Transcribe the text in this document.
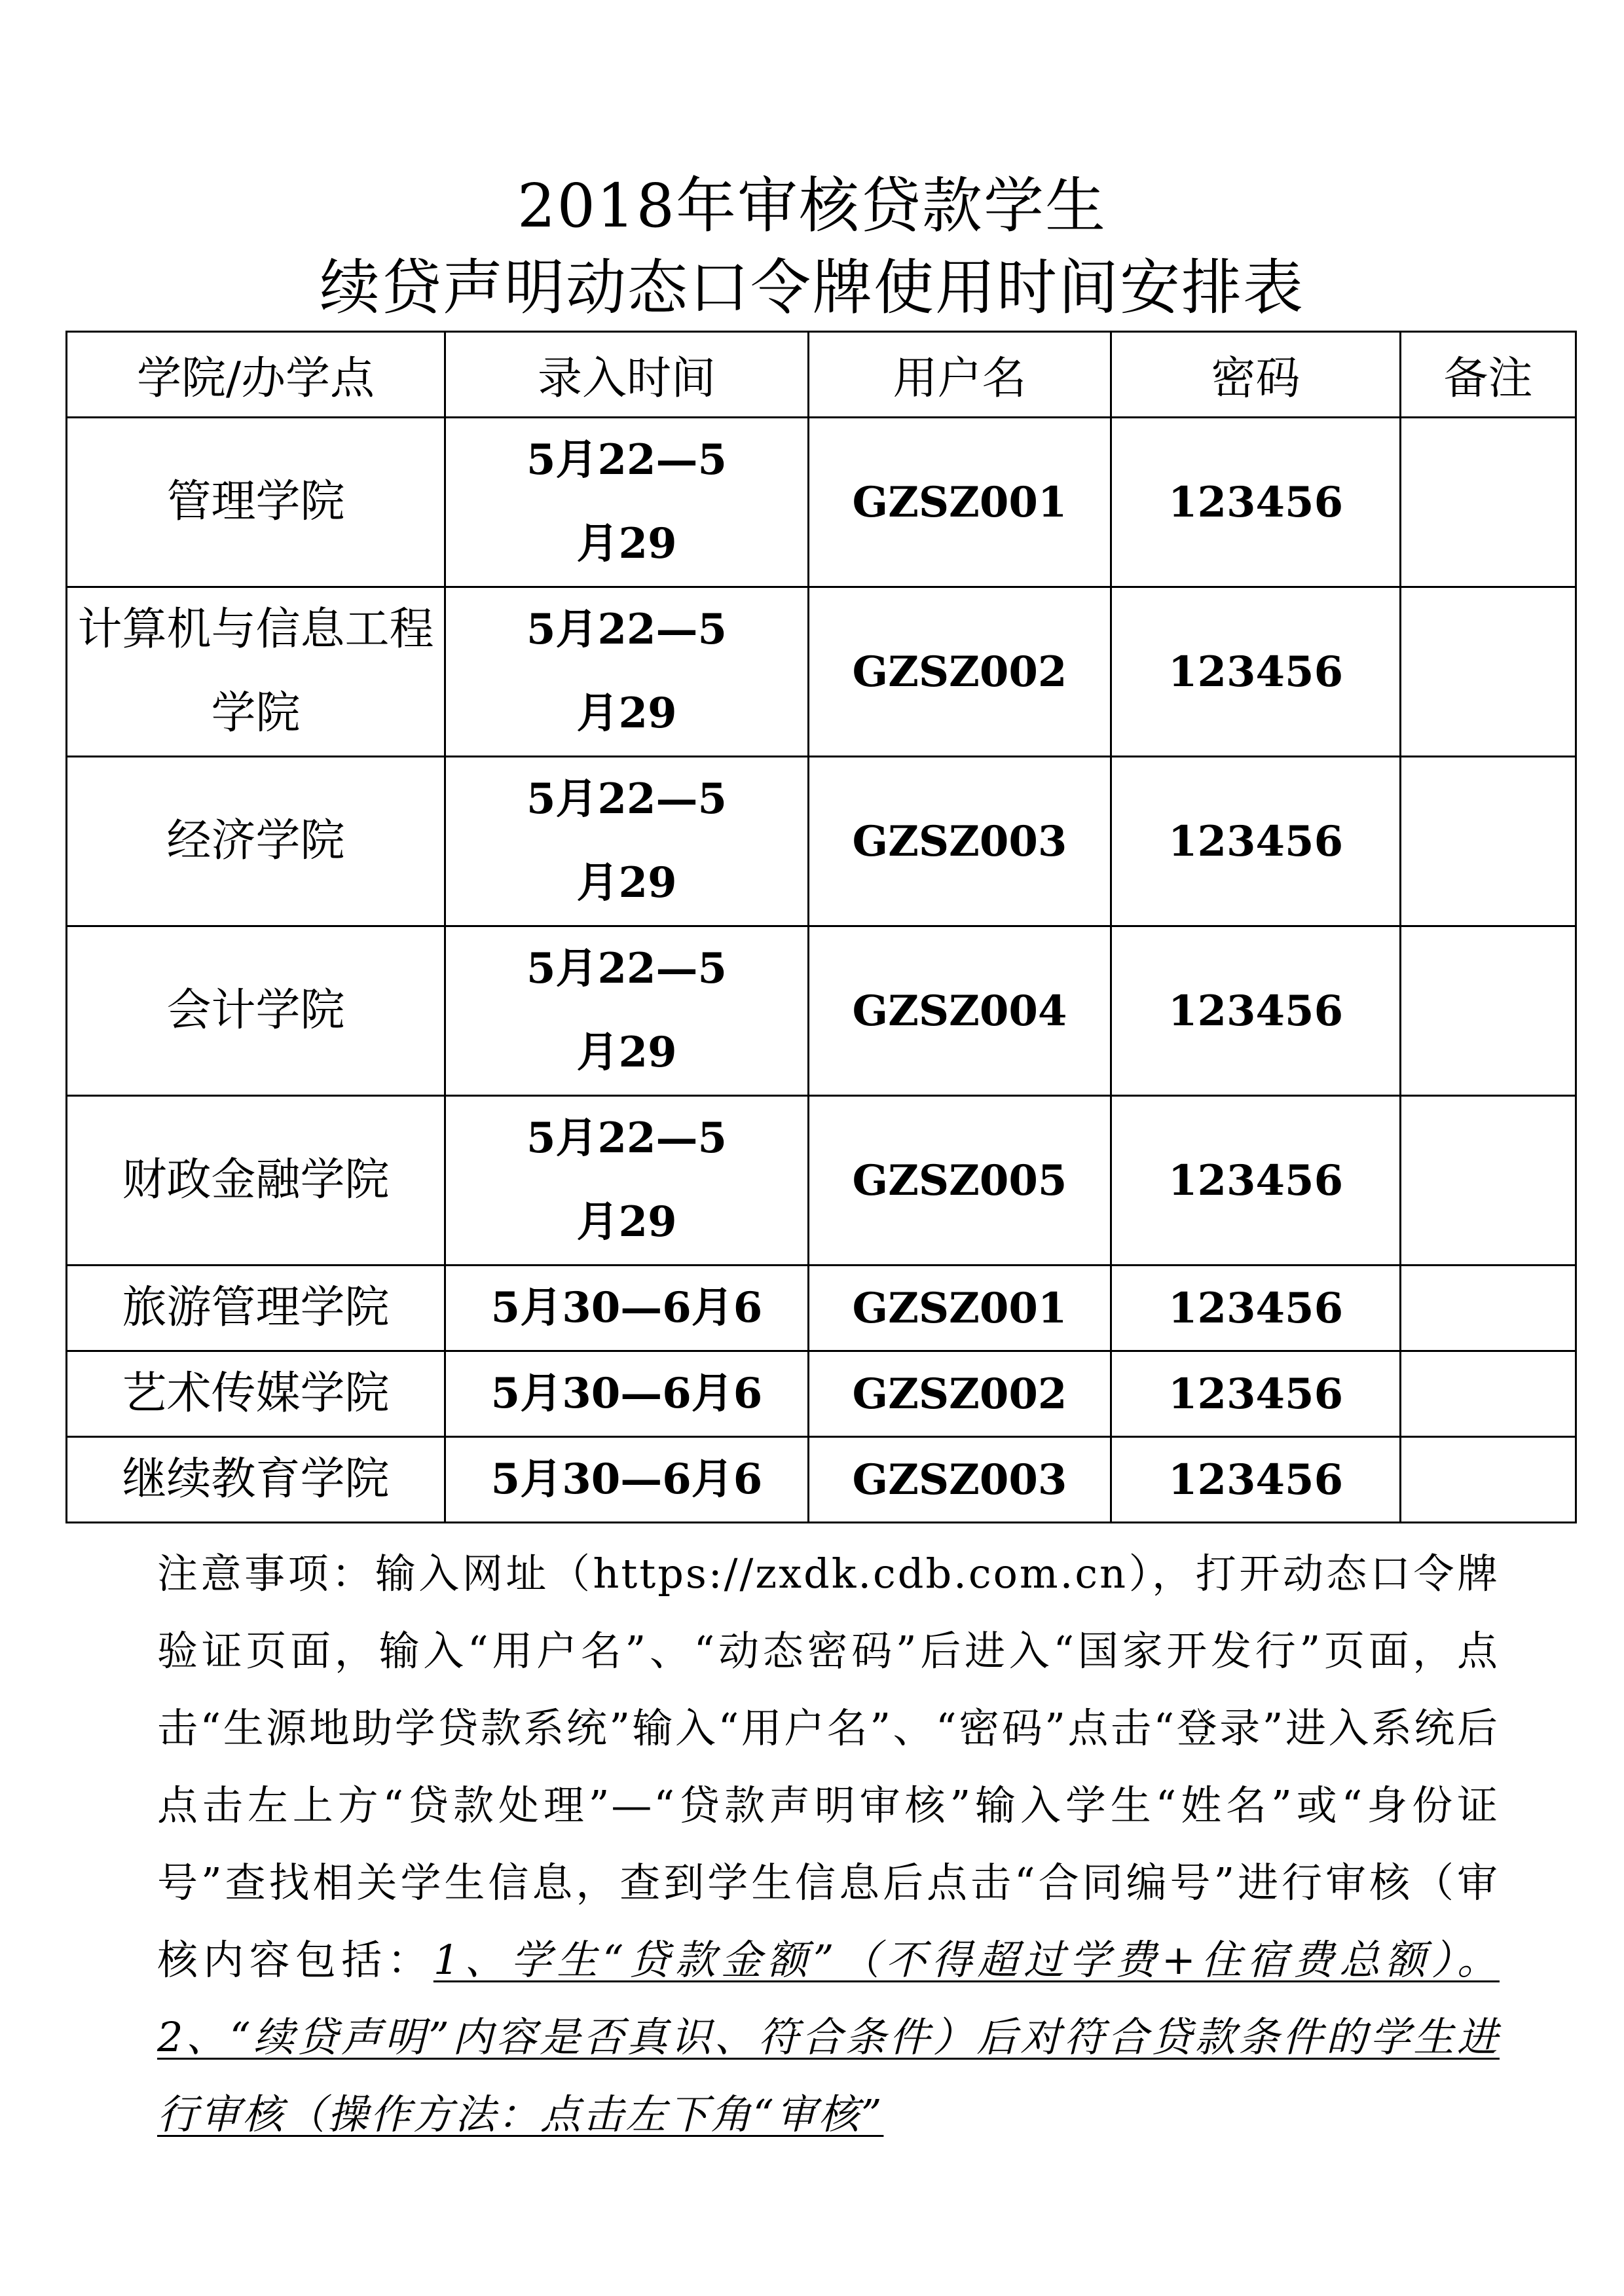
2018年审核贷款学生
续贷声明动态口令牌使用时间安排表
学院/办学点	录入时间	用户名	密码	备注
管理学院	5月22—5月29	GZSZ001	123456	
计算机与信息工程学院	5月22—5月29	GZSZ002	123456	
经济学院	5月22—5月29	GZSZ003	123456	
会计学院	5月22—5月29	GZSZ004	123456	
财政金融学院	5月22—5月29	GZSZ005	123456	
旅游管理学院	5月30—6月6	GZSZ001	123456	
艺术传媒学院	5月30—6月6	GZSZ002	123456	
继续教育学院	5月30—6月6	GZSZ003	123456	
注意事项：输入网址（https://zxdk.cdb.com.cn），打开动态口令牌验证页面，输入“用户名”、“动态密码”后进入“国家开发行”页面，点击“生源地助学贷款系统”输入“用户名”、“密码”点击“登录”进入系统后点击左上方“贷款处理”—“贷款声明审核”输入学生“姓名”或“身份证号”查找相关学生信息，查到学生信息后点击“合同编号”进行审核（审核内容包括：1、学生“贷款金额”（不得超过学费+住宿费总额）。2、“续贷声明”内容是否真识、符合条件）后对符合贷款条件的学生进行审核（操作方法：点击左下角“审核”
